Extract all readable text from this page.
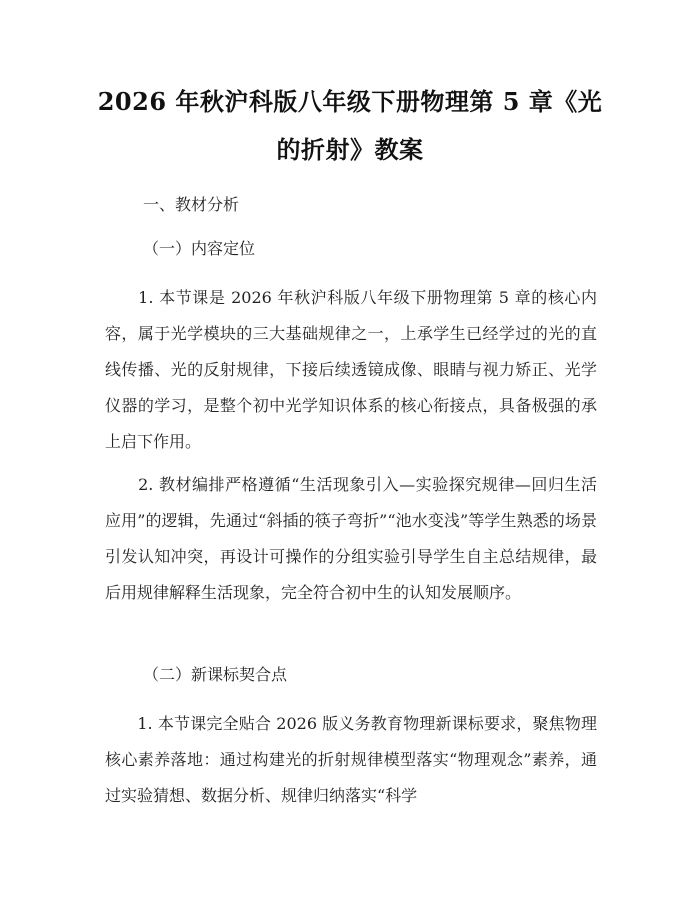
2026 年秋沪科版八年级下册物理第 5 章《光的折射》教案
一、教材分析
（一）内容定位
　　1. 本节课是 2026 年秋沪科版八年级下册物理第 5 章的核心内容，属于光学模块的三大基础规律之一，上承学生已经学过的光的直线传播、光的反射规律，下接后续透镜成像、眼睛与视力矫正、光学仪器的学习，是整个初中光学知识体系的核心衔接点，具备极强的承上启下作用。
　　2. 教材编排严格遵循“生活现象引入—实验探究规律—回归生活应用”的逻辑，先通过“斜插的筷子弯折”“池水变浅”等学生熟悉的场景引发认知冲突，再设计可操作的分组实验引导学生自主总结规律，最后用规律解释生活现象，完全符合初中生的认知发展顺序。
（二）新课标契合点
　　1. 本节课完全贴合 2026 版义务教育物理新课标要求，聚焦物理核心素养落地：通过构建光的折射规律模型落实“物理观念”素养，通过实验猜想、数据分析、规律归纳落实“科学
